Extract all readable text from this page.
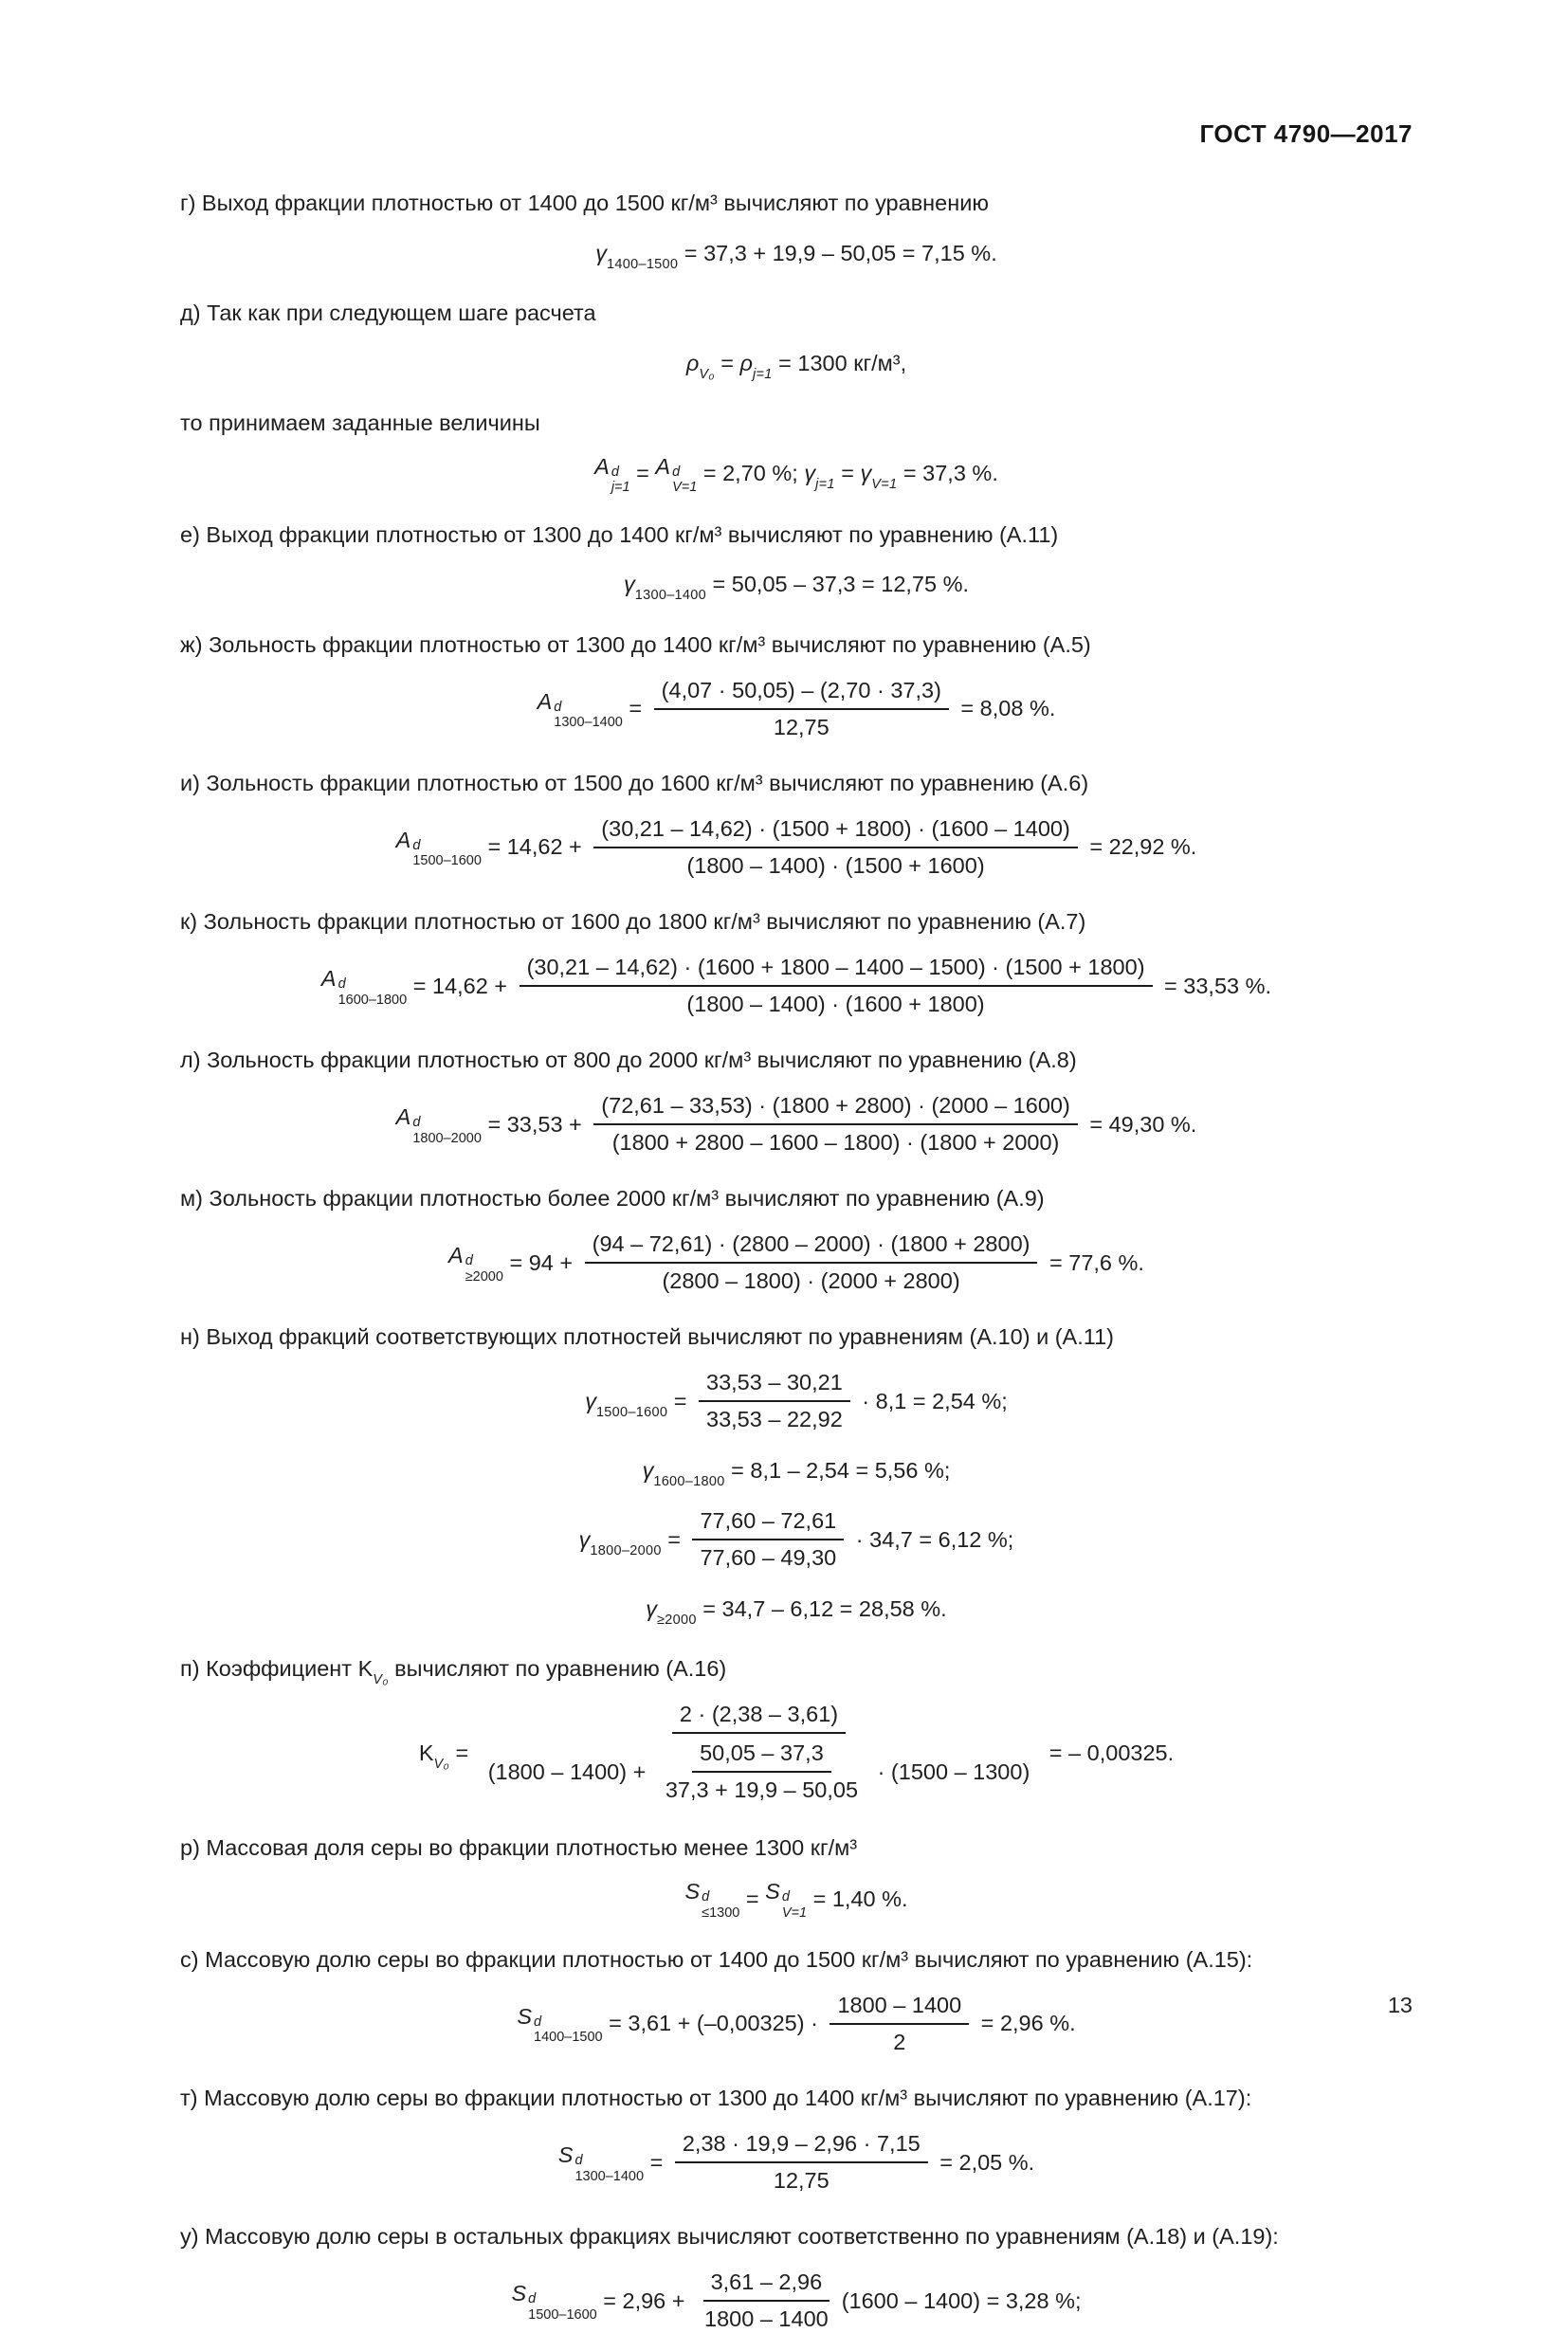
ГОСТ 4790—2017
г) Выход фракции плотностью от 1400 до 1500 кг/м³ вычисляют по уравнению
γ 1400–1500 = 37,3 + 19,9 – 50,05 = 7,15 %.
д) Так как при следующем шаге расчета
ρ V₀ = ρ j=1 = 1300 кг/м³,
то принимаем заданные величины
A d
j=1
= A d
V=1
= 2,70 %; γ j=1 = γ V=1 = 37,3 %.
е) Выход фракции плотностью от 1300 до 1400 кг/м³ вычисляют по уравнению (А.11)
γ 1300–1400 = 50,05 – 37,3 = 12,75 %.
ж) Зольность фракции плотностью от 1300 до 1400 кг/м³ вычисляют по уравнению (А.5)
A d
1300–1400
= $\frac{(4,07 \cdot 50,05) - (2,70 \cdot 37,3)}{12,75} = 8,08$ %.
и) Зольность фракции плотностью от 1500 до 1600 кг/м³ вычисляют по уравнению (А.6)
A d
1500–1600
= $14,62 + \frac{(30,21 - 14,62) \cdot (1500 + 1800) \cdot (1600 - 1400)}{(1800 - 1400) \cdot (1500 + 1600)} = 22,92$ %.
к) Зольность фракции плотностью от 1600 до 1800 кг/м³ вычисляют по уравнению (А.7)
A d
1600–1800
= 14,62 +
(30,21 – 14,62) · (1600 + 1800 – 1400 – 1500) · (1500 + 1800)
(1800 – 1400) · (1600 + 1800)
= 33,53 %.
л) Зольность фракции плотностью от 800 до 2000 кг/м³ вычисляют по уравнению (А.8)
A d
1800–2000
= $33,53 + \frac{(72,61 - 33,53) \cdot (1800 + 2800) \cdot (2000 - 1600)}{(1800 + 2800 - 1600 - 1800) \cdot (1800 + 2000)} = 49,30$ %.
м) Зольность фракции плотностью более 2000 кг/м³ вычисляют по уравнению (А.9)
A d
≥2000
= $94 + \frac{(94 - 72,61) \cdot (2800 - 2000) \cdot (1800 + 2800)}{(2800 - 1800) \cdot (2000 + 2800)} = 77,6$ %.
н) Выход фракций соответствующих плотностей вычисляют по уравнениям (А.10) и (А.11)
γ $1500-1600 = \frac{33,53 - 30,21}{33,53 - 22,92} \cdot 8,1 = 2,54$ %;
γ 1600–1800 = 8,1 – 2,54 = 5,56 %;
γ $1800-2000 = \frac{77,60 - 72,61}{77,60 - 49,30} \cdot 34,7 = 6,12$ %;
γ ≥2000 = 34,7 – 6,12 = 28,58 %.
п) Коэффициент K V₀ вычисляют по уравнению (А.16)
K V₀ =
2 · (2,38 – 3,61)
$(1800 - 1400) + \frac{50,05 - 37,3}{37,3 + 19,9 - 50,05} \cdot (1500 - 1300)$
= – 0,00325.
р) Массовая доля серы во фракции плотностью менее 1300 кг/м³
S d
≤1300
= S d
V=1
= 1,40 %.
с) Массовую долю серы во фракции плотностью от 1400 до 1500 кг/м³ вычисляют по уравнению (А.15):
S d
1400–1500
= $3,61 + (-0,00325) \cdot \frac{1800 - 1400}{2} = 2,96$ %.
т) Массовую долю серы во фракции плотностью от 1300 до 1400 кг/м³ вычисляют по уравнению (А.17):
S d
1300–1400
= $\frac{2,38 \cdot 19,9 - 2,96 \cdot 7,15}{12,75} = 2,05$ %.
у) Массовую долю серы в остальных фракциях вычисляют соответственно по уравнениям (А.18) и (А.19):
S d
1500–1600
= $2,96 + \frac{3,61 - 2,96}{1800 - 1400} (1600 - 1400) = 3,28$ %;
13
